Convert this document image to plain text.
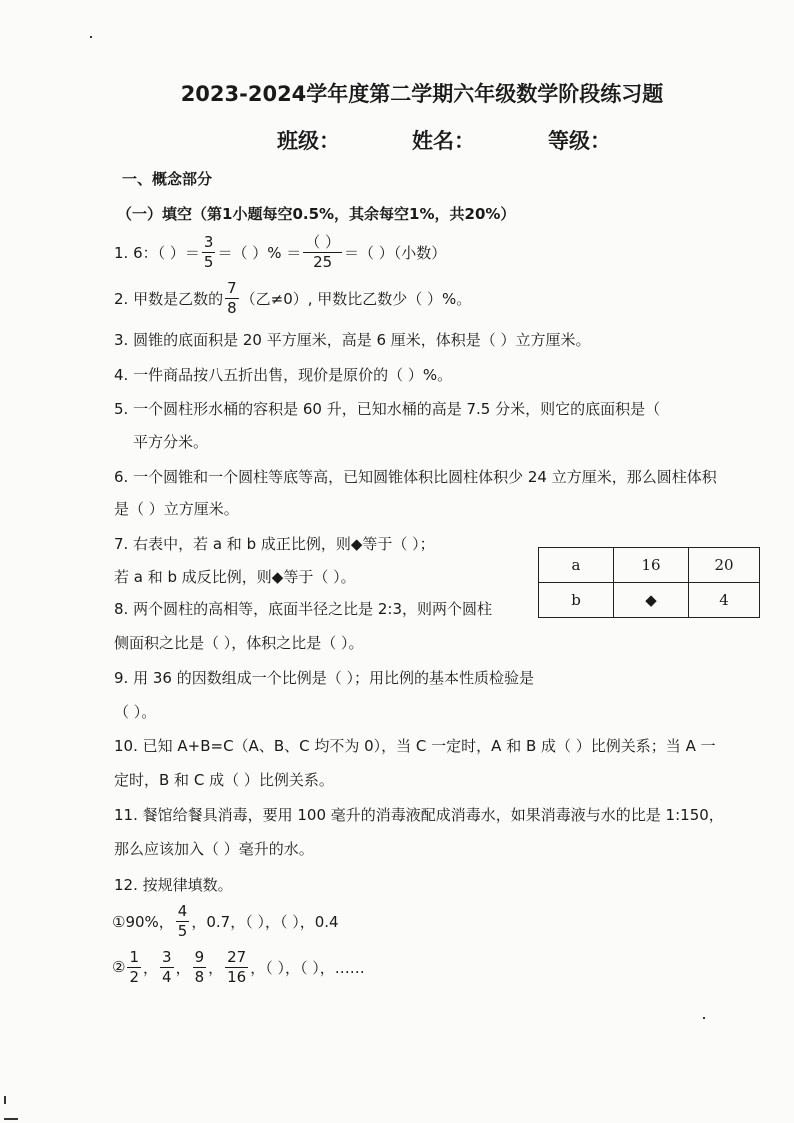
2023-2024学年度第二学期六年级数学阶段练习题
班级：	姓名：	等级：
一、概念部分
（一）填空（第1小题每空0.5%，其余每空1%，共20%）
1. 6：（ ）＝ $\frac{3}{5}$ ＝（ ）% ＝ $\frac{( )}{25}$ ＝（ ）（小数）
2. 甲数是乙数的 $\frac{7}{8}$ （乙≠0）, 甲数比乙数少（ ）%。
3. 圆锥的底面积是 20 平方厘米，高是 6 厘米，体积是（ ）立方厘米。
4. 一件商品按八五折出售，现价是原价的（ ）%。
5. 一个圆柱形水桶的容积是 60 升，已知水桶的高是 7.5 分米，则它的底面积是（
平方分米。
6. 一个圆锥和一个圆柱等底等高，已知圆锥体积比圆柱体积少 24 立方厘米，那么圆柱体积
是（ ）立方厘米。
7. 右表中，若 a 和 b 成正比例，则◆等于（ ）；
若 a 和 b 成反比例，则◆等于（ ）。
8. 两个圆柱的高相等，底面半径之比是 2:3，则两个圆柱
侧面积之比是（ ），体积之比是（ ）。
a	16	20
b	◆	4
9. 用 36 的因数组成一个比例是（ ）；用比例的基本性质检验是
（ ）。
10. 已知 A+B=C（A、B、C 均不为 0），当 C 一定时，A 和 B 成（ ）比例关系；当 A 一
定时，B 和 C 成（ ）比例关系。
11. 餐馆给餐具消毒，要用 100 毫升的消毒液配成消毒水，如果消毒液与水的比是 1:150，
那么应该加入（ ）毫升的水。
12. 按规律填数。
①90%， $\frac{4}{5}$ ，0.7，（ ），（ ），0.4
② $\frac{1}{2}$ ， $\frac{3}{4}$ ， $\frac{9}{8}$ ， $\frac{27}{16}$ ，（ ），（ ），……
